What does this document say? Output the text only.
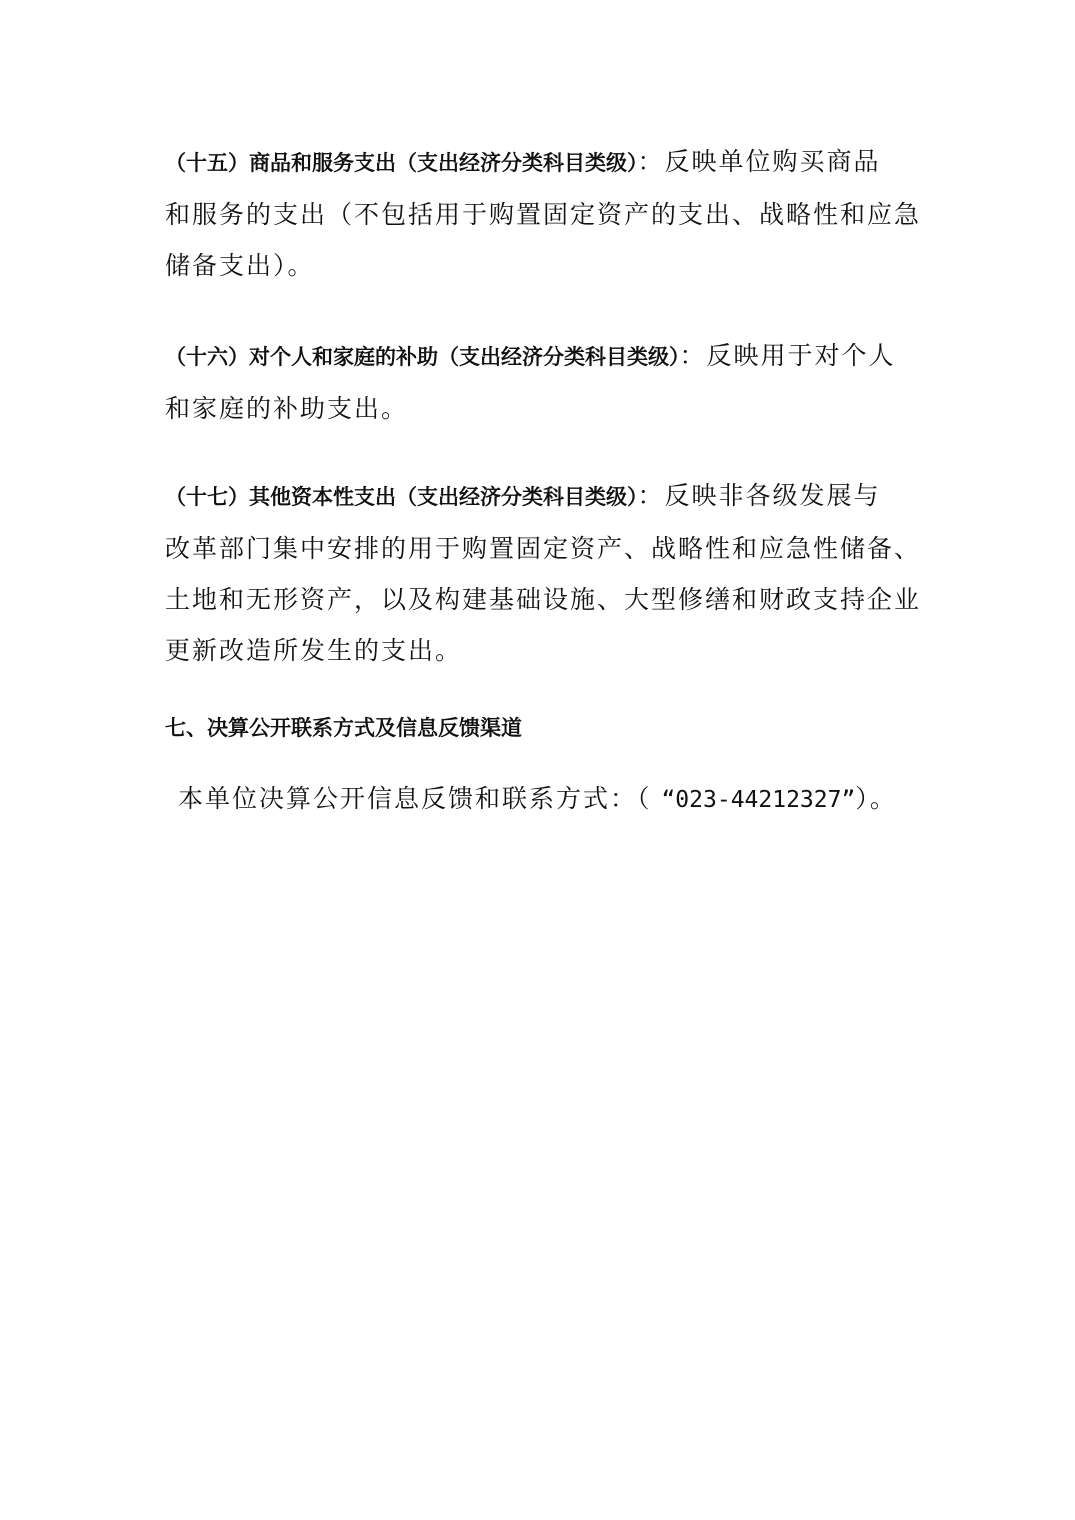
（十五）商品和服务支出（支出经济分类科目类级）：反映单位购买商品
和服务的支出（不包括用于购置固定资产的支出、战略性和应急
储备支出）。
（十六）对个人和家庭的补助（支出经济分类科目类级）：反映用于对个人
和家庭的补助支出。
（十七）其他资本性支出（支出经济分类科目类级）：反映非各级发展与
改革部门集中安排的用于购置固定资产、战略性和应急性储备、
土地和无形资产，以及构建基础设施、大型修缮和财政支持企业
更新改造所发生的支出。
七、决算公开联系方式及信息反馈渠道
本单位决算公开信息反馈和联系方式：（ “023-44212327”）。
